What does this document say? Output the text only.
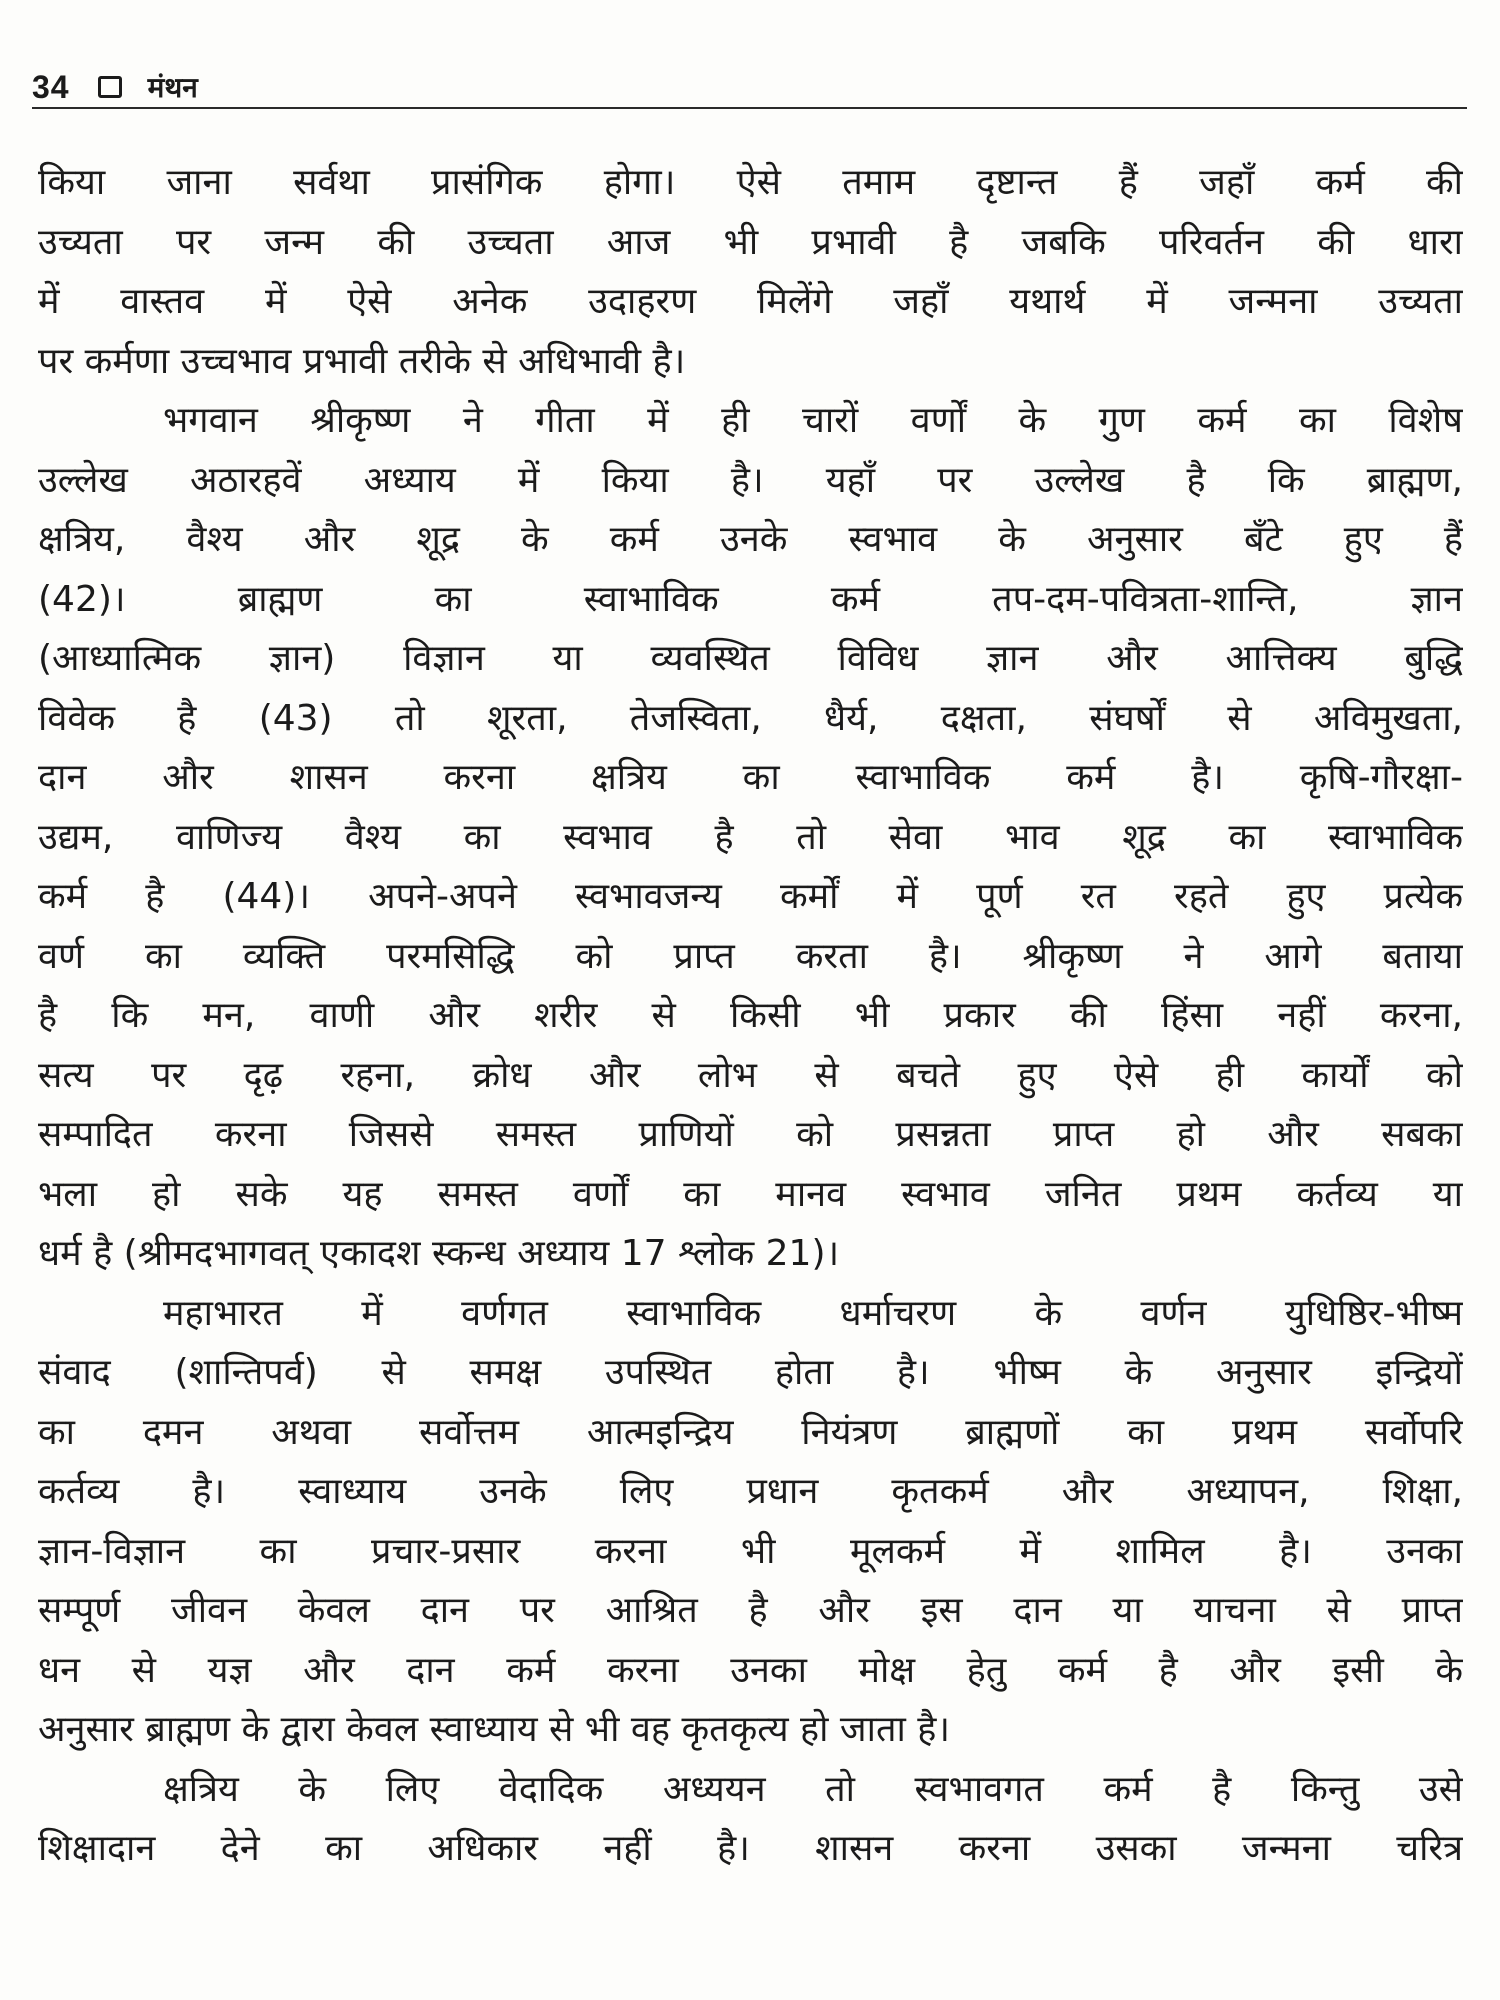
34	मंथन
किया जाना सर्वथा प्रासंगिक होगा। ऐसे तमाम दृष्टान्त हैं जहाँ कर्म की
उच्यता पर जन्म की उच्चता आज भी प्रभावी है जबकि परिवर्तन की धारा
में वास्तव में ऐसे अनेक उदाहरण मिलेंगे जहाँ यथार्थ में जन्मना उच्यता
पर कर्मणा उच्चभाव प्रभावी तरीके से अधिभावी है।
भगवान श्रीकृष्ण ने गीता में ही चारों वर्णों के गुण कर्म का विशेष
उल्लेख अठारहवें अध्याय में किया है। यहाँ पर उल्लेख है कि ब्राह्मण,
क्षत्रिय, वैश्य और शूद्र के कर्म उनके स्वभाव के अनुसार बँटे हुए हैं
(42)। ब्राह्मण का स्वाभाविक कर्म तप-दम-पवित्रता-शान्ति, ज्ञान
(आध्यात्मिक ज्ञान) विज्ञान या व्यवस्थित विविध ज्ञान और आत्तिक्य बुद्धि
विवेक है (43) तो शूरता, तेजस्विता, धैर्य, दक्षता, संघर्षों से अविमुखता,
दान और शासन करना क्षत्रिय का स्वाभाविक कर्म है। कृषि-गौरक्षा-
उद्यम, वाणिज्य वैश्य का स्वभाव है तो सेवा भाव शूद्र का स्वाभाविक
कर्म है (44)। अपने-अपने स्वभावजन्य कर्मों में पूर्ण रत रहते हुए प्रत्येक
वर्ण का व्यक्ति परमसिद्धि को प्राप्त करता है। श्रीकृष्ण ने आगे बताया
है कि मन, वाणी और शरीर से किसी भी प्रकार की हिंसा नहीं करना,
सत्य पर दृढ़ रहना, क्रोध और लोभ से बचते हुए ऐसे ही कार्यों को
सम्पादित करना जिससे समस्त प्राणियों को प्रसन्नता प्राप्त हो और सबका
भला हो सके यह समस्त वर्णों का मानव स्वभाव जनित प्रथम कर्तव्य या
धर्म है (श्रीमदभागवत् एकादश स्कन्ध अध्याय 17 श्लोक 21)।
महाभारत में वर्णगत स्वाभाविक धर्माचरण के वर्णन युधिष्ठिर-भीष्म
संवाद (शान्तिपर्व) से समक्ष उपस्थित होता है। भीष्म के अनुसार इन्द्रियों
का दमन अथवा सर्वोत्तम आत्मइन्द्रिय नियंत्रण ब्राह्मणों का प्रथम सर्वोपरि
कर्तव्य है। स्वाध्याय उनके लिए प्रधान कृतकर्म और अध्यापन, शिक्षा,
ज्ञान-विज्ञान का प्रचार-प्रसार करना भी मूलकर्म में शामिल है। उनका
सम्पूर्ण जीवन केवल दान पर आश्रित है और इस दान या याचना से प्राप्त
धन से यज्ञ और दान कर्म करना उनका मोक्ष हेतु कर्म है और इसी के
अनुसार ब्राह्मण के द्वारा केवल स्वाध्याय से भी वह कृतकृत्य हो जाता है।
क्षत्रिय के लिए वेदादिक अध्ययन तो स्वभावगत कर्म है किन्तु उसे
शिक्षादान देने का अधिकार नहीं है। शासन करना उसका जन्मना चरित्र
